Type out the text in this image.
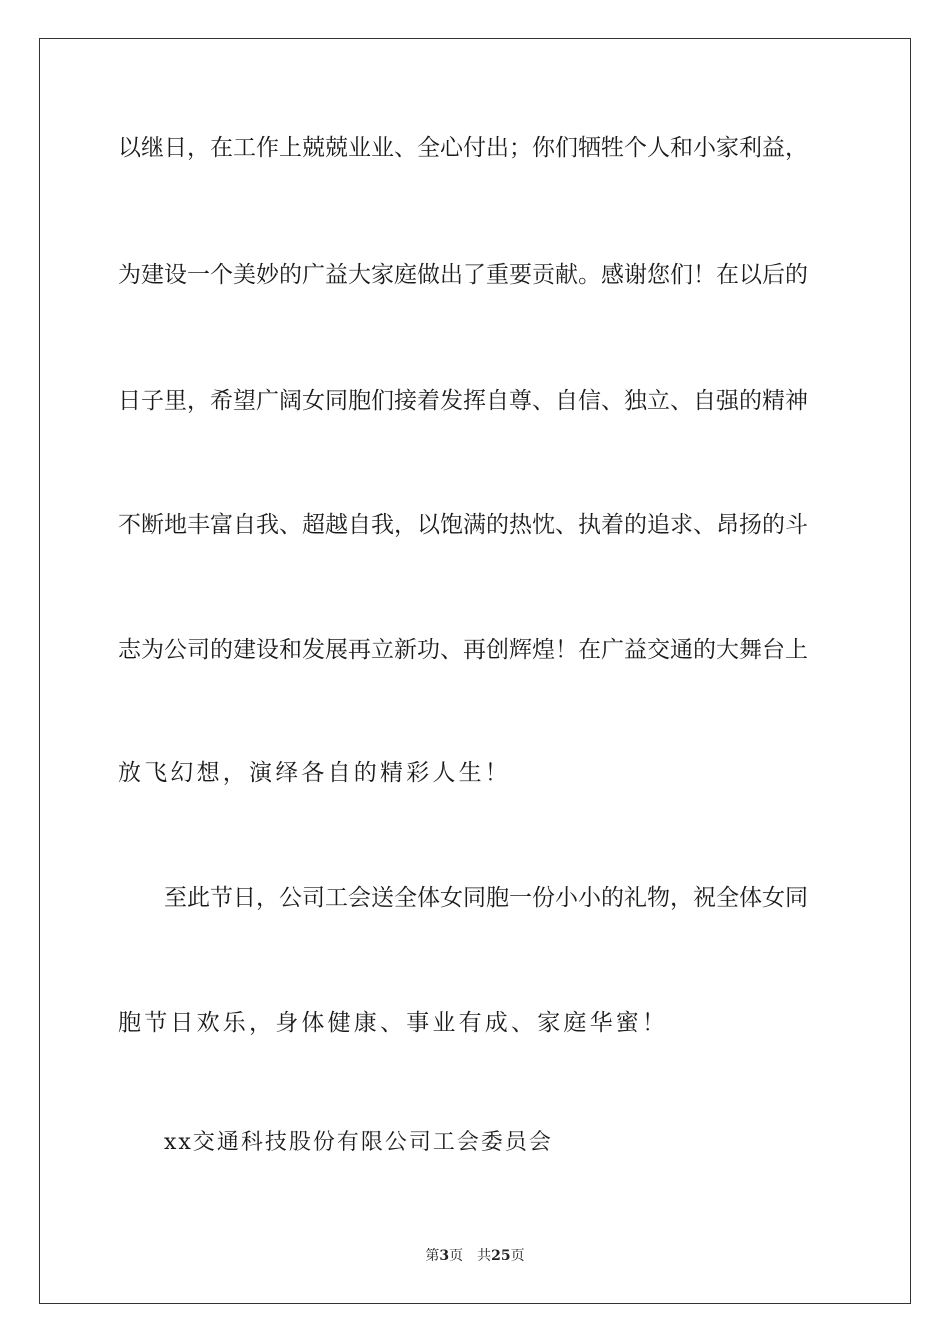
以继日，在工作上兢兢业业、全心付出；你们牺牲个人和小家利益，
为建设一个美妙的广益大家庭做出了重要贡献。感谢您们！在以后的
日子里，希望广阔女同胞们接着发挥自尊、自信、独立、自强的精神
不断地丰富自我、超越自我，以饱满的热忱、执着的追求、昂扬的斗
志为公司的建设和发展再立新功、再创辉煌！在广益交通的大舞台上
放飞幻想，演绎各自的精彩人生！
至此节日，公司工会送全体女同胞一份小小的礼物，祝全体女同
胞节日欢乐，身体健康、事业有成、家庭华蜜！
xx交通科技股份有限公司工会委员会
第3页 共25页
